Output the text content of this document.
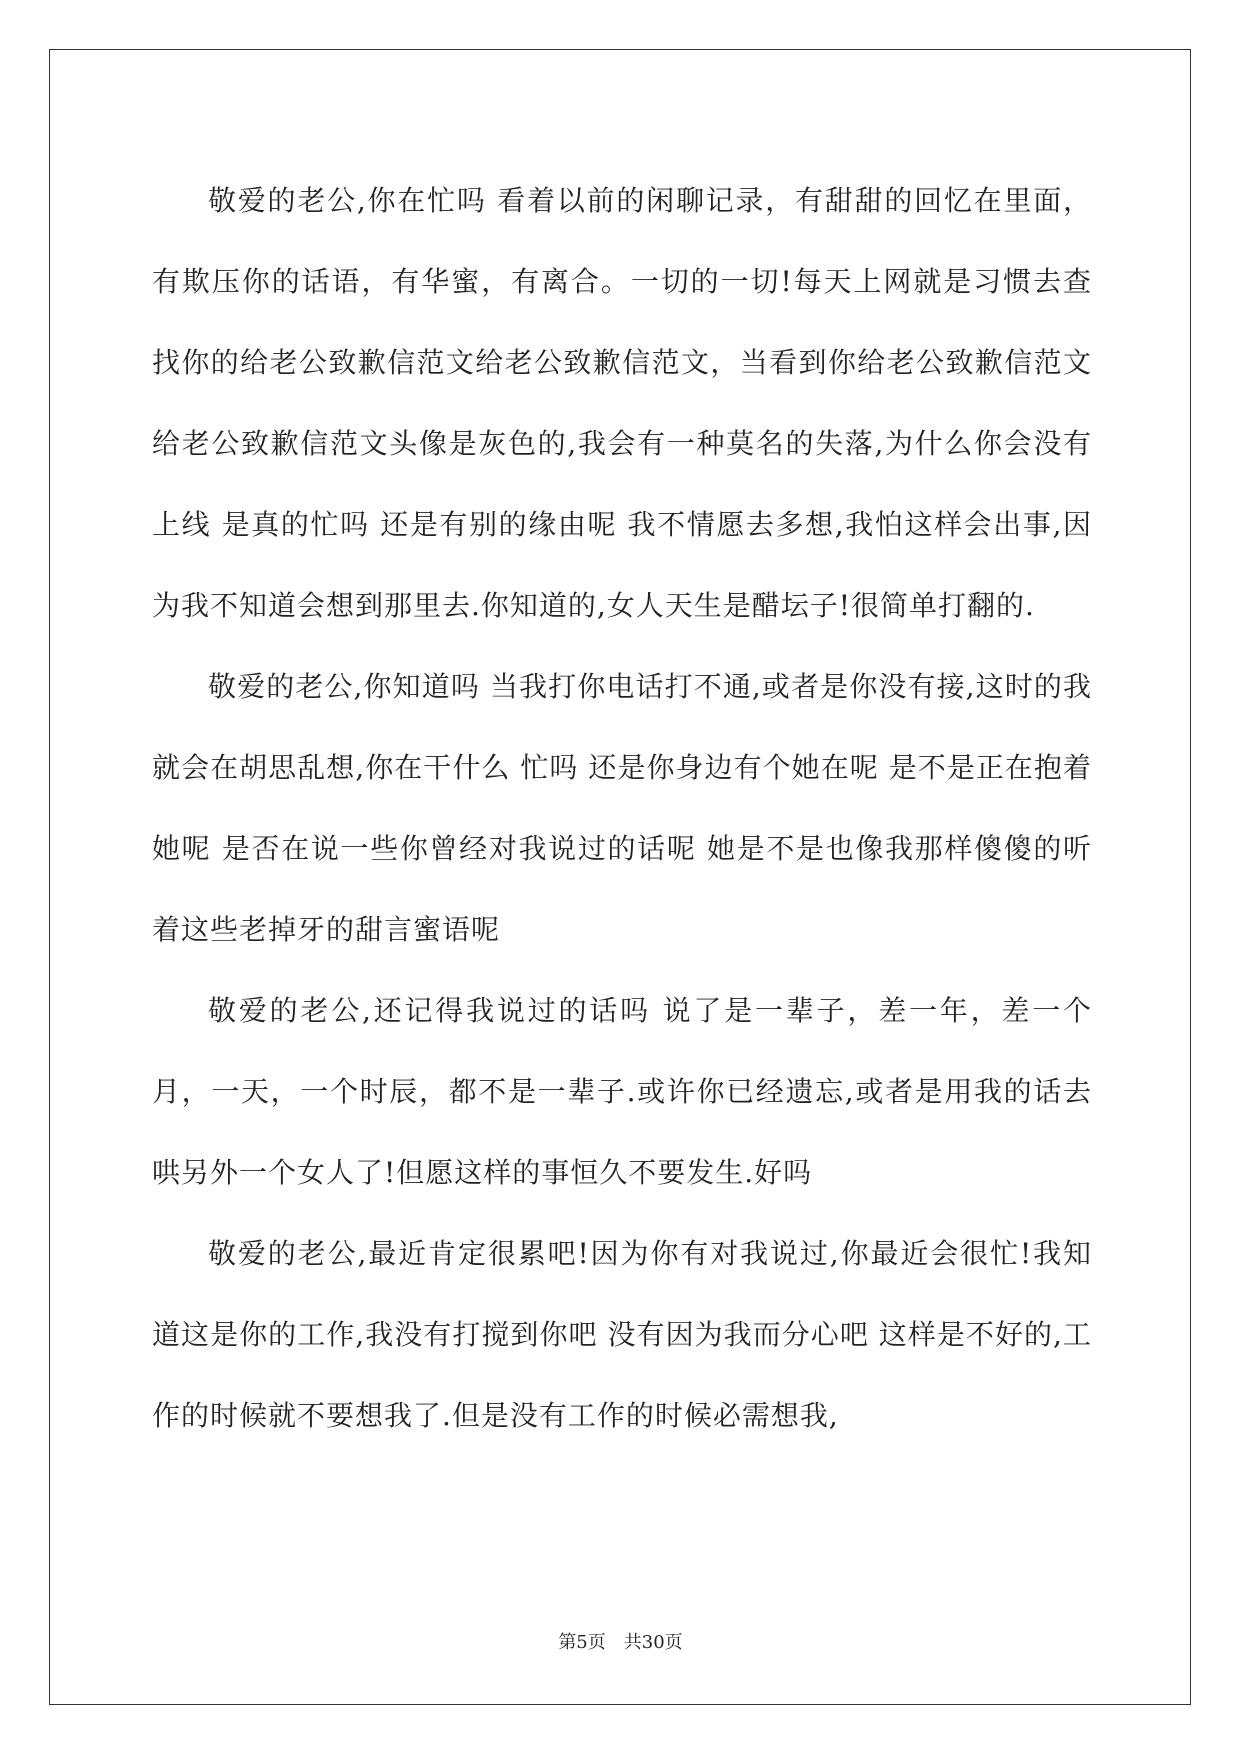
敬爱的老公,你在忙吗 看着以前的闲聊记录，有甜甜的回忆在里面，有欺压你的话语，有华蜜，有离合。一切的一切!每天上网就是习惯去查找你的给老公致歉信范文给老公致歉信范文，当看到你给老公致歉信范文给老公致歉信范文头像是灰色的,我会有一种莫名的失落,为什么你会没有上线 是真的忙吗 还是有别的缘由呢 我不情愿去多想,我怕这样会出事,因为我不知道会想到那里去.你知道的,女人天生是醋坛子!很简单打翻的.

敬爱的老公,你知道吗 当我打你电话打不通,或者是你没有接,这时的我就会在胡思乱想,你在干什么 忙吗 还是你身边有个她在呢 是不是正在抱着她呢 是否在说一些你曾经对我说过的话呢 她是不是也像我那样傻傻的听着这些老掉牙的甜言蜜语呢

敬爱的老公,还记得我说过的话吗 说了是一辈子，差一年，差一个月，一天，一个时辰，都不是一辈子.或许你已经遗忘,或者是用我的话去哄另外一个女人了!但愿这样的事恒久不要发生.好吗

敬爱的老公,最近肯定很累吧!因为你有对我说过,你最近会很忙!我知道这是你的工作,我没有打搅到你吧 没有因为我而分心吧 这样是不好的,工作的时候就不要想我了.但是没有工作的时候必需想我,

第5页 共30页
